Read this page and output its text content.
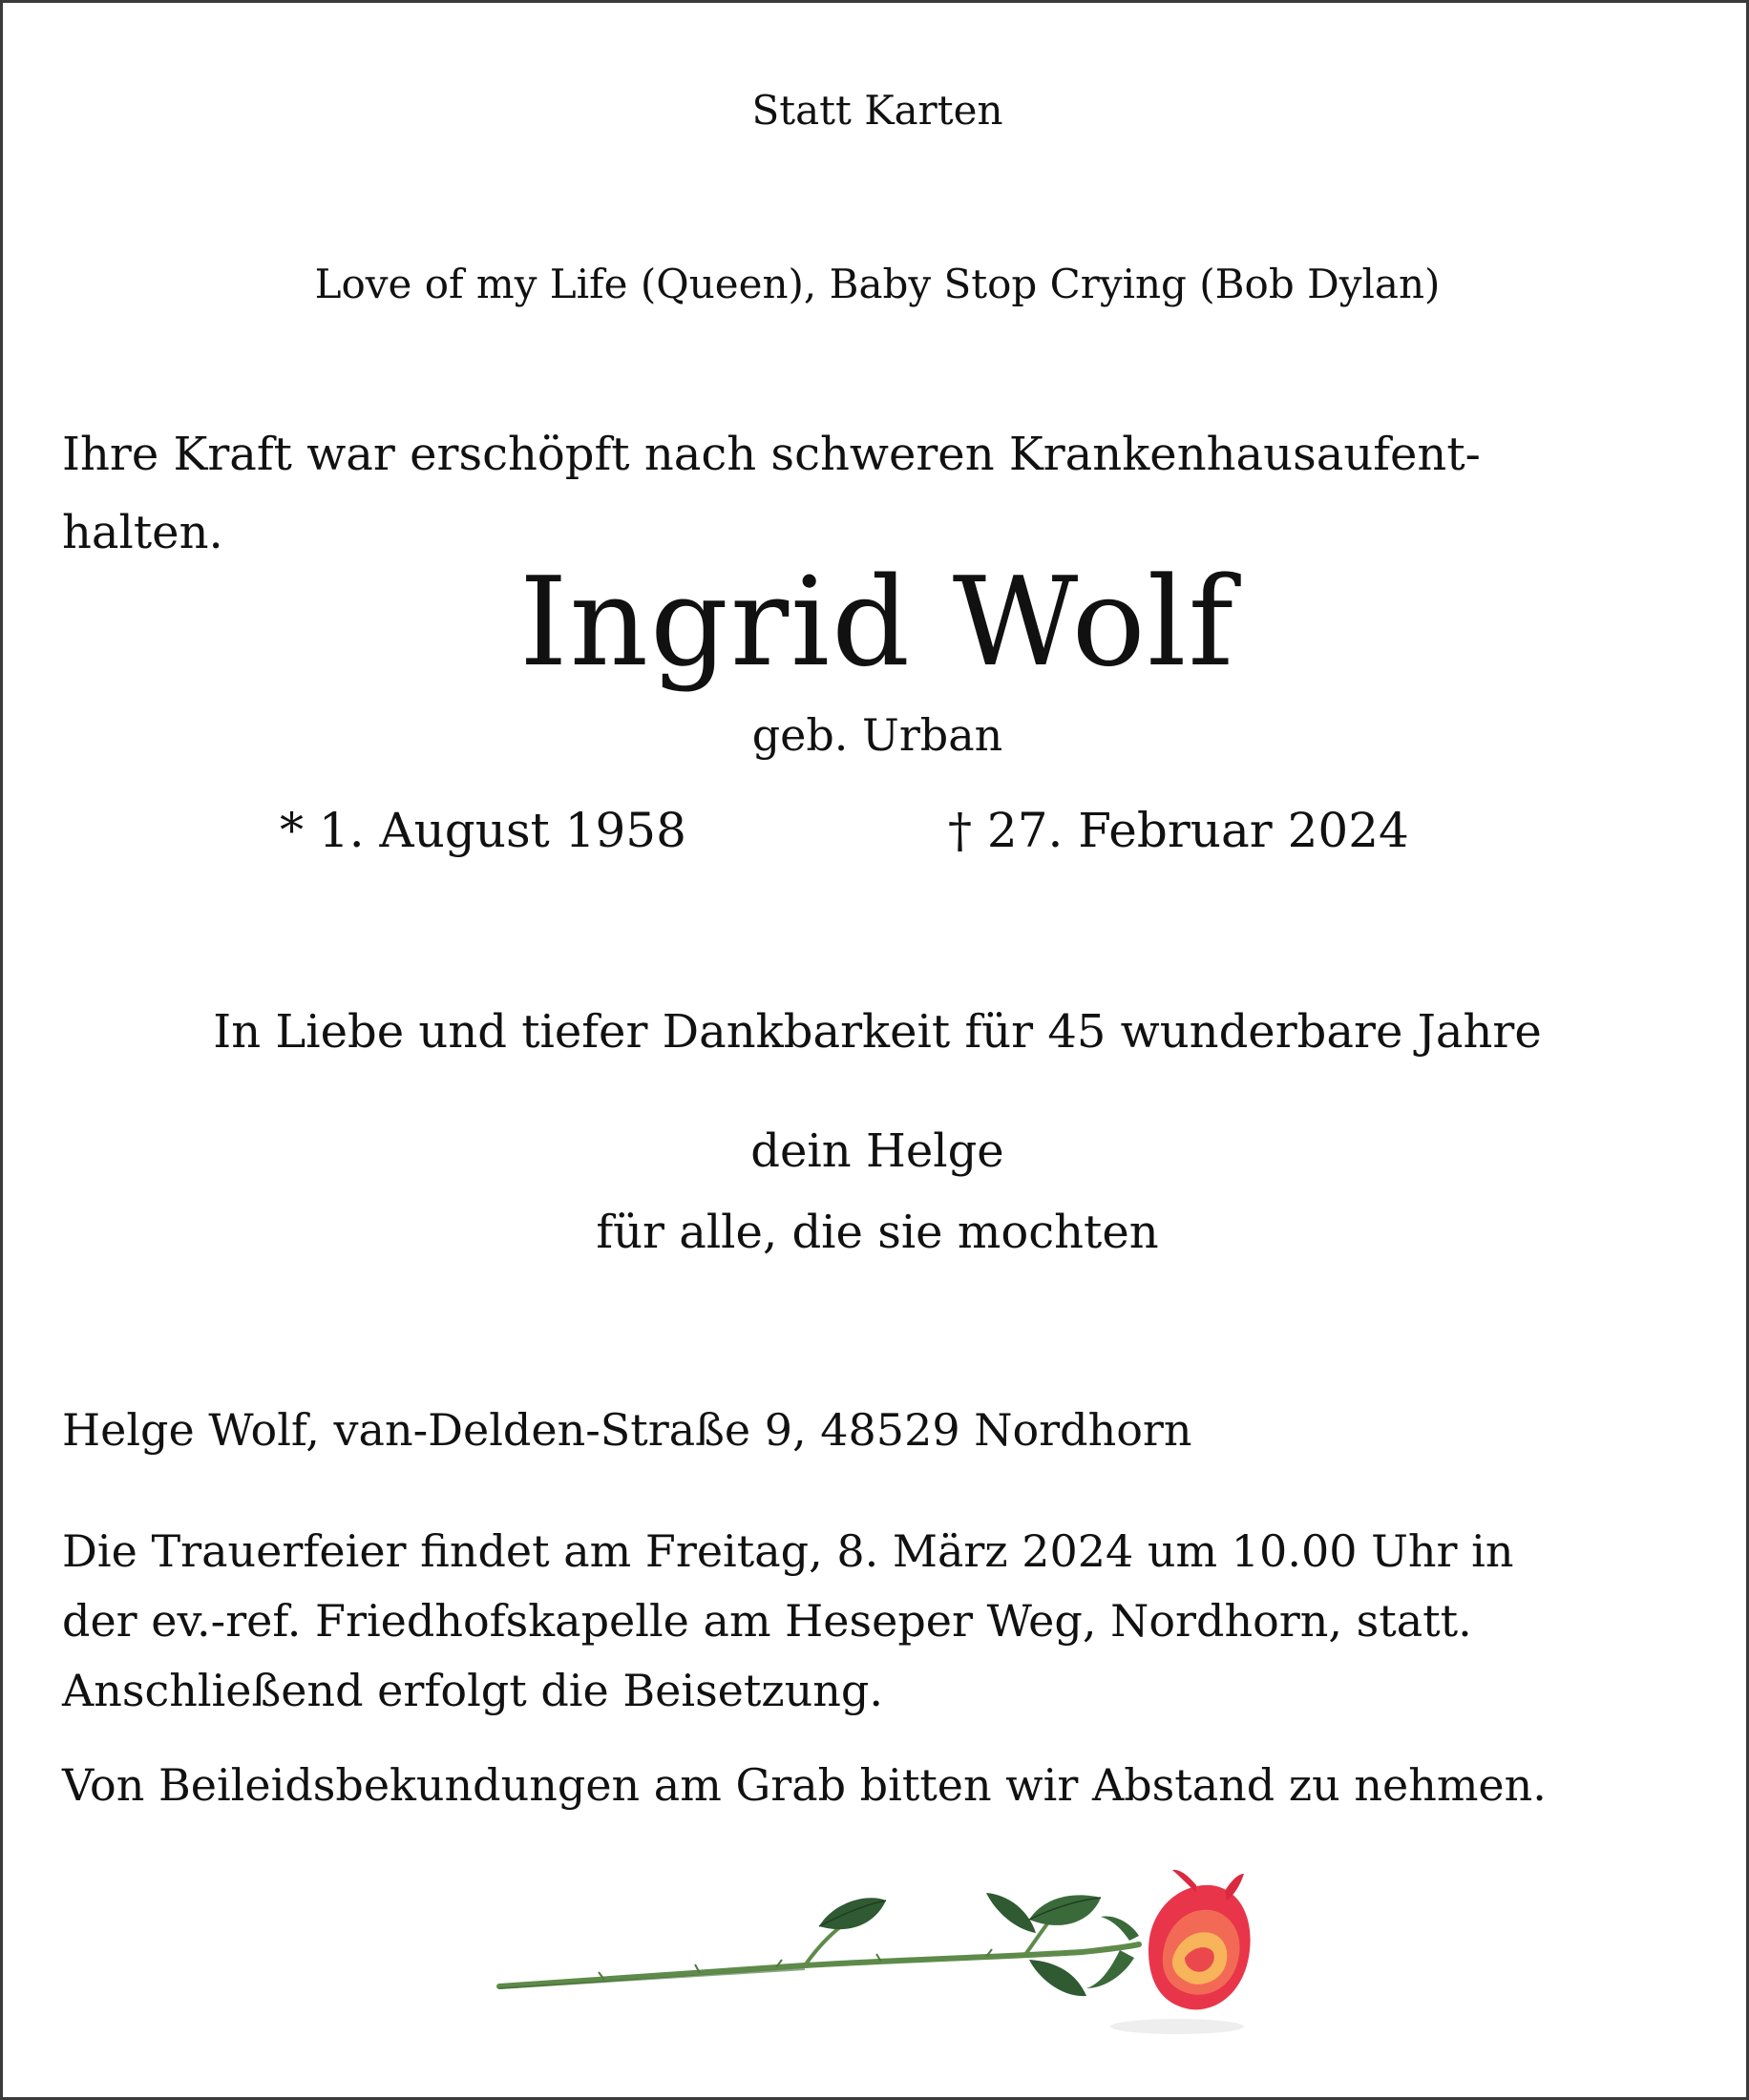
Statt Karten
Love of my Life (Queen), Baby Stop Crying (Bob Dylan)
Ihre Kraft war erschöpft nach schweren Krankenhausaufent-
halten.
Ingrid Wolf
geb. Urban
* 1. August 1958	† 27. Februar 2024
In Liebe und tiefer Dankbarkeit für 45 wunderbare Jahre
dein Helge
für alle, die sie mochten
Helge Wolf, van-Delden-Straße 9, 48529 Nordhorn
Die Trauerfeier findet am Freitag, 8. März 2024 um 10.00 Uhr in
der ev.-ref. Friedhofskapelle am Heseper Weg, Nordhorn, statt.
Anschließend erfolgt die Beisetzung.
Von Beileidsbekundungen am Grab bitten wir Abstand zu nehmen.
